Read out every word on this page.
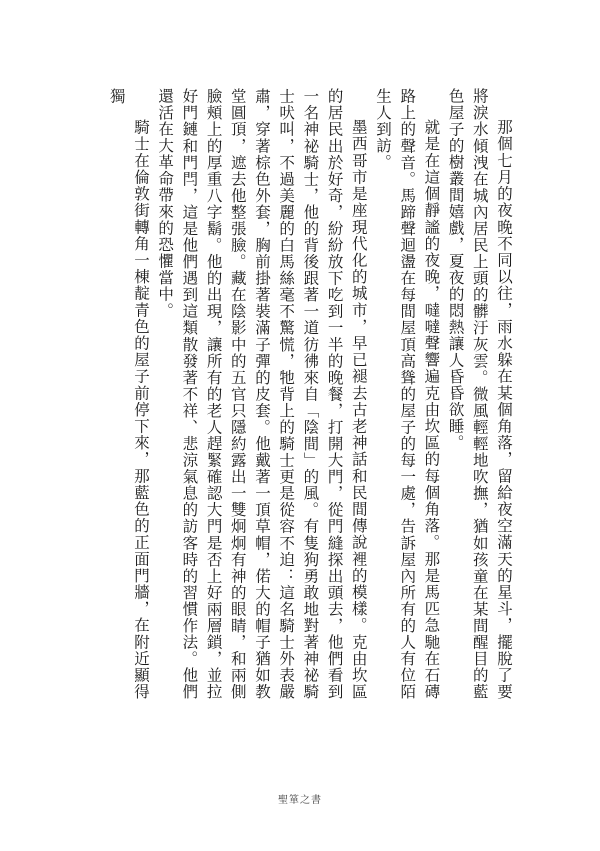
那個七月的夜晚不同以往，雨水躲在某個角落，留給夜空滿天的星斗，擺脫了要將淚水傾洩在城內居民上頭的髒汙灰雲。微風輕輕地吹撫，猶如孩童在某間醒目的藍色屋子的樹叢間嬉戲，夏夜的悶熱讓人昏昏欲睡。

就是在這個靜謐的夜晚，噠噠聲響遍克由坎區的每個角落。那是馬匹急馳在石磚路上的聲音。馬蹄聲迴盪在每間屋頂高聳的屋子的每一處，告訴屋內所有的人有位陌生人到訪。

墨西哥市是座現代化的城市，早已褪去古老神話和民間傳說裡的模樣。克由坎區的居民出於好奇，紛紛放下吃到一半的晚餐，打開大門，從門縫探出頭去，他們看到一名神祕騎士，他的背後跟著一道彷彿來自「陰間」的風。有隻狗勇敢地對著神祕騎士吠叫，不過美麗的白馬絲毫不驚慌，牠背上的騎士更是從容不迫：這名騎士外表嚴肅，穿著棕色外套，胸前掛著裝滿子彈的皮套。他戴著一頂草帽，偌大的帽子猶如教堂圓頂，遮去他整張臉。藏在陰影中的五官只隱約露出一雙炯炯有神的眼睛，和兩側臉頰上的厚重八字鬍。他的出現，讓所有的老人趕緊確認大門是否上好兩層鎖，並拉好門鏈和門閂，這是他們遇到這類散發著不祥、悲涼氣息的訪客時的習慣作法。他們還活在大革命帶來的恐懼當中。

騎士在倫敦街轉角一棟靛青色的屋子前停下來，那藍色的正面門牆，在附近顯得獨

聖箪之書
